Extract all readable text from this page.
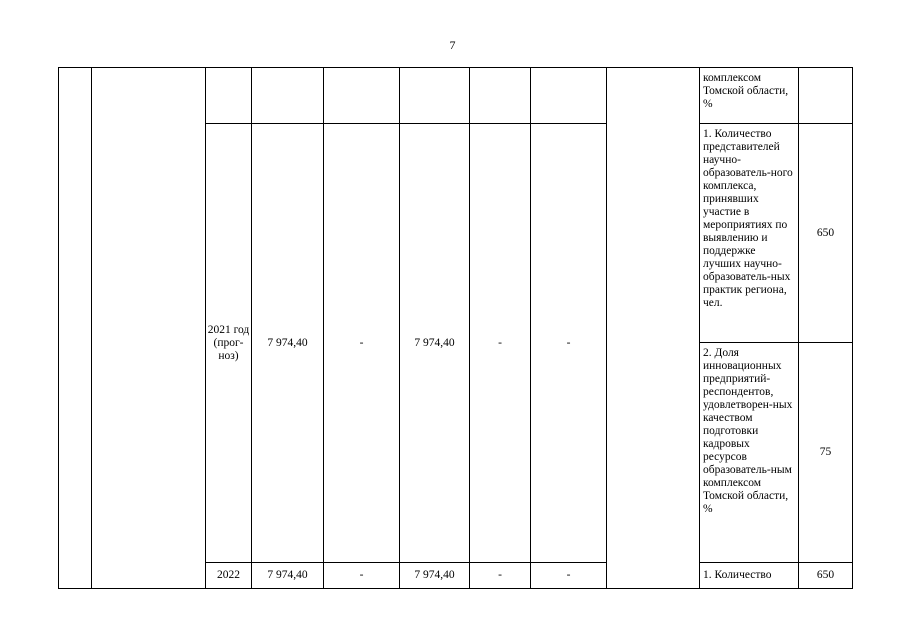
7
									комплексом Томской области, %	
		2021 год (прог-ноз)	7 974,40	-	7 974,40	-	-		1. Количество представителей научно-образователь-ного комплекса, принявших участие в мероприятиях по выявлению и поддержке лучших научно-образователь-ных практик региона, чел.	650
									2. Доля инновационных предприятий-респондентов, удовлетворен-ных качеством подготовки кадровых ресурсов образователь-ным комплексом Томской области, %	75
		2022	7 974,40	-	7 974,40	-	-		1. Количество	650
